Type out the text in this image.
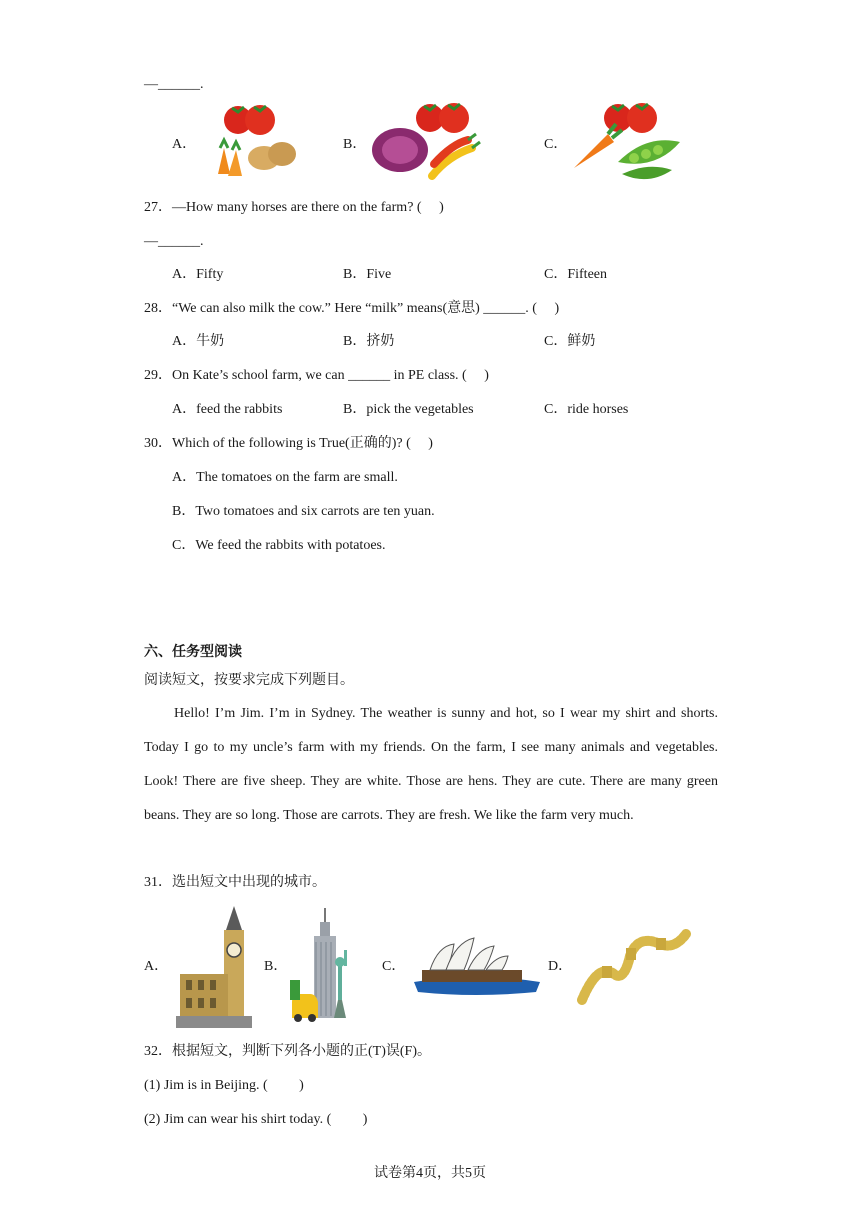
—______.
A．	B．	C．
27．—How many horses are there on the farm? (　 )
—______.
A．Fifty	B．Five	C．Fifteen
28．“We can also milk the cow.” Here “milk” means(意思) ______. (　 )
A．牛奶	B．挤奶	C．鲜奶
29．On Kate’s school farm, we can ______ in PE class. (　 )
A．feed the rabbits	B．pick the vegetables	C．ride horses
30．Which of the following is True(正确的)? (　 )
A．The tomatoes on the farm are small.
B．Two tomatoes and six carrots are ten yuan.
C．We feed the rabbits with potatoes.
六、任务型阅读
阅读短文，按要求完成下列题目。
Hello! I’m Jim. I’m in Sydney. The weather is sunny and hot, so I wear my shirt and shorts. Today I go to my uncle’s farm with my friends. On the farm, I see many animals and vegetables. Look! There are five sheep. They are white. Those are hens. They are cute. There are many green beans. They are so long. Those are carrots. They are fresh. We like the farm very much.
31．选出短文中出现的城市。
A．	B．	C．	D．
32．根据短文，判断下列各小题的正(T)误(F)。
(1) Jim is in Beijing. (　　 )
(2) Jim can wear his shirt today. (　　 )
试卷第4页，共5页
